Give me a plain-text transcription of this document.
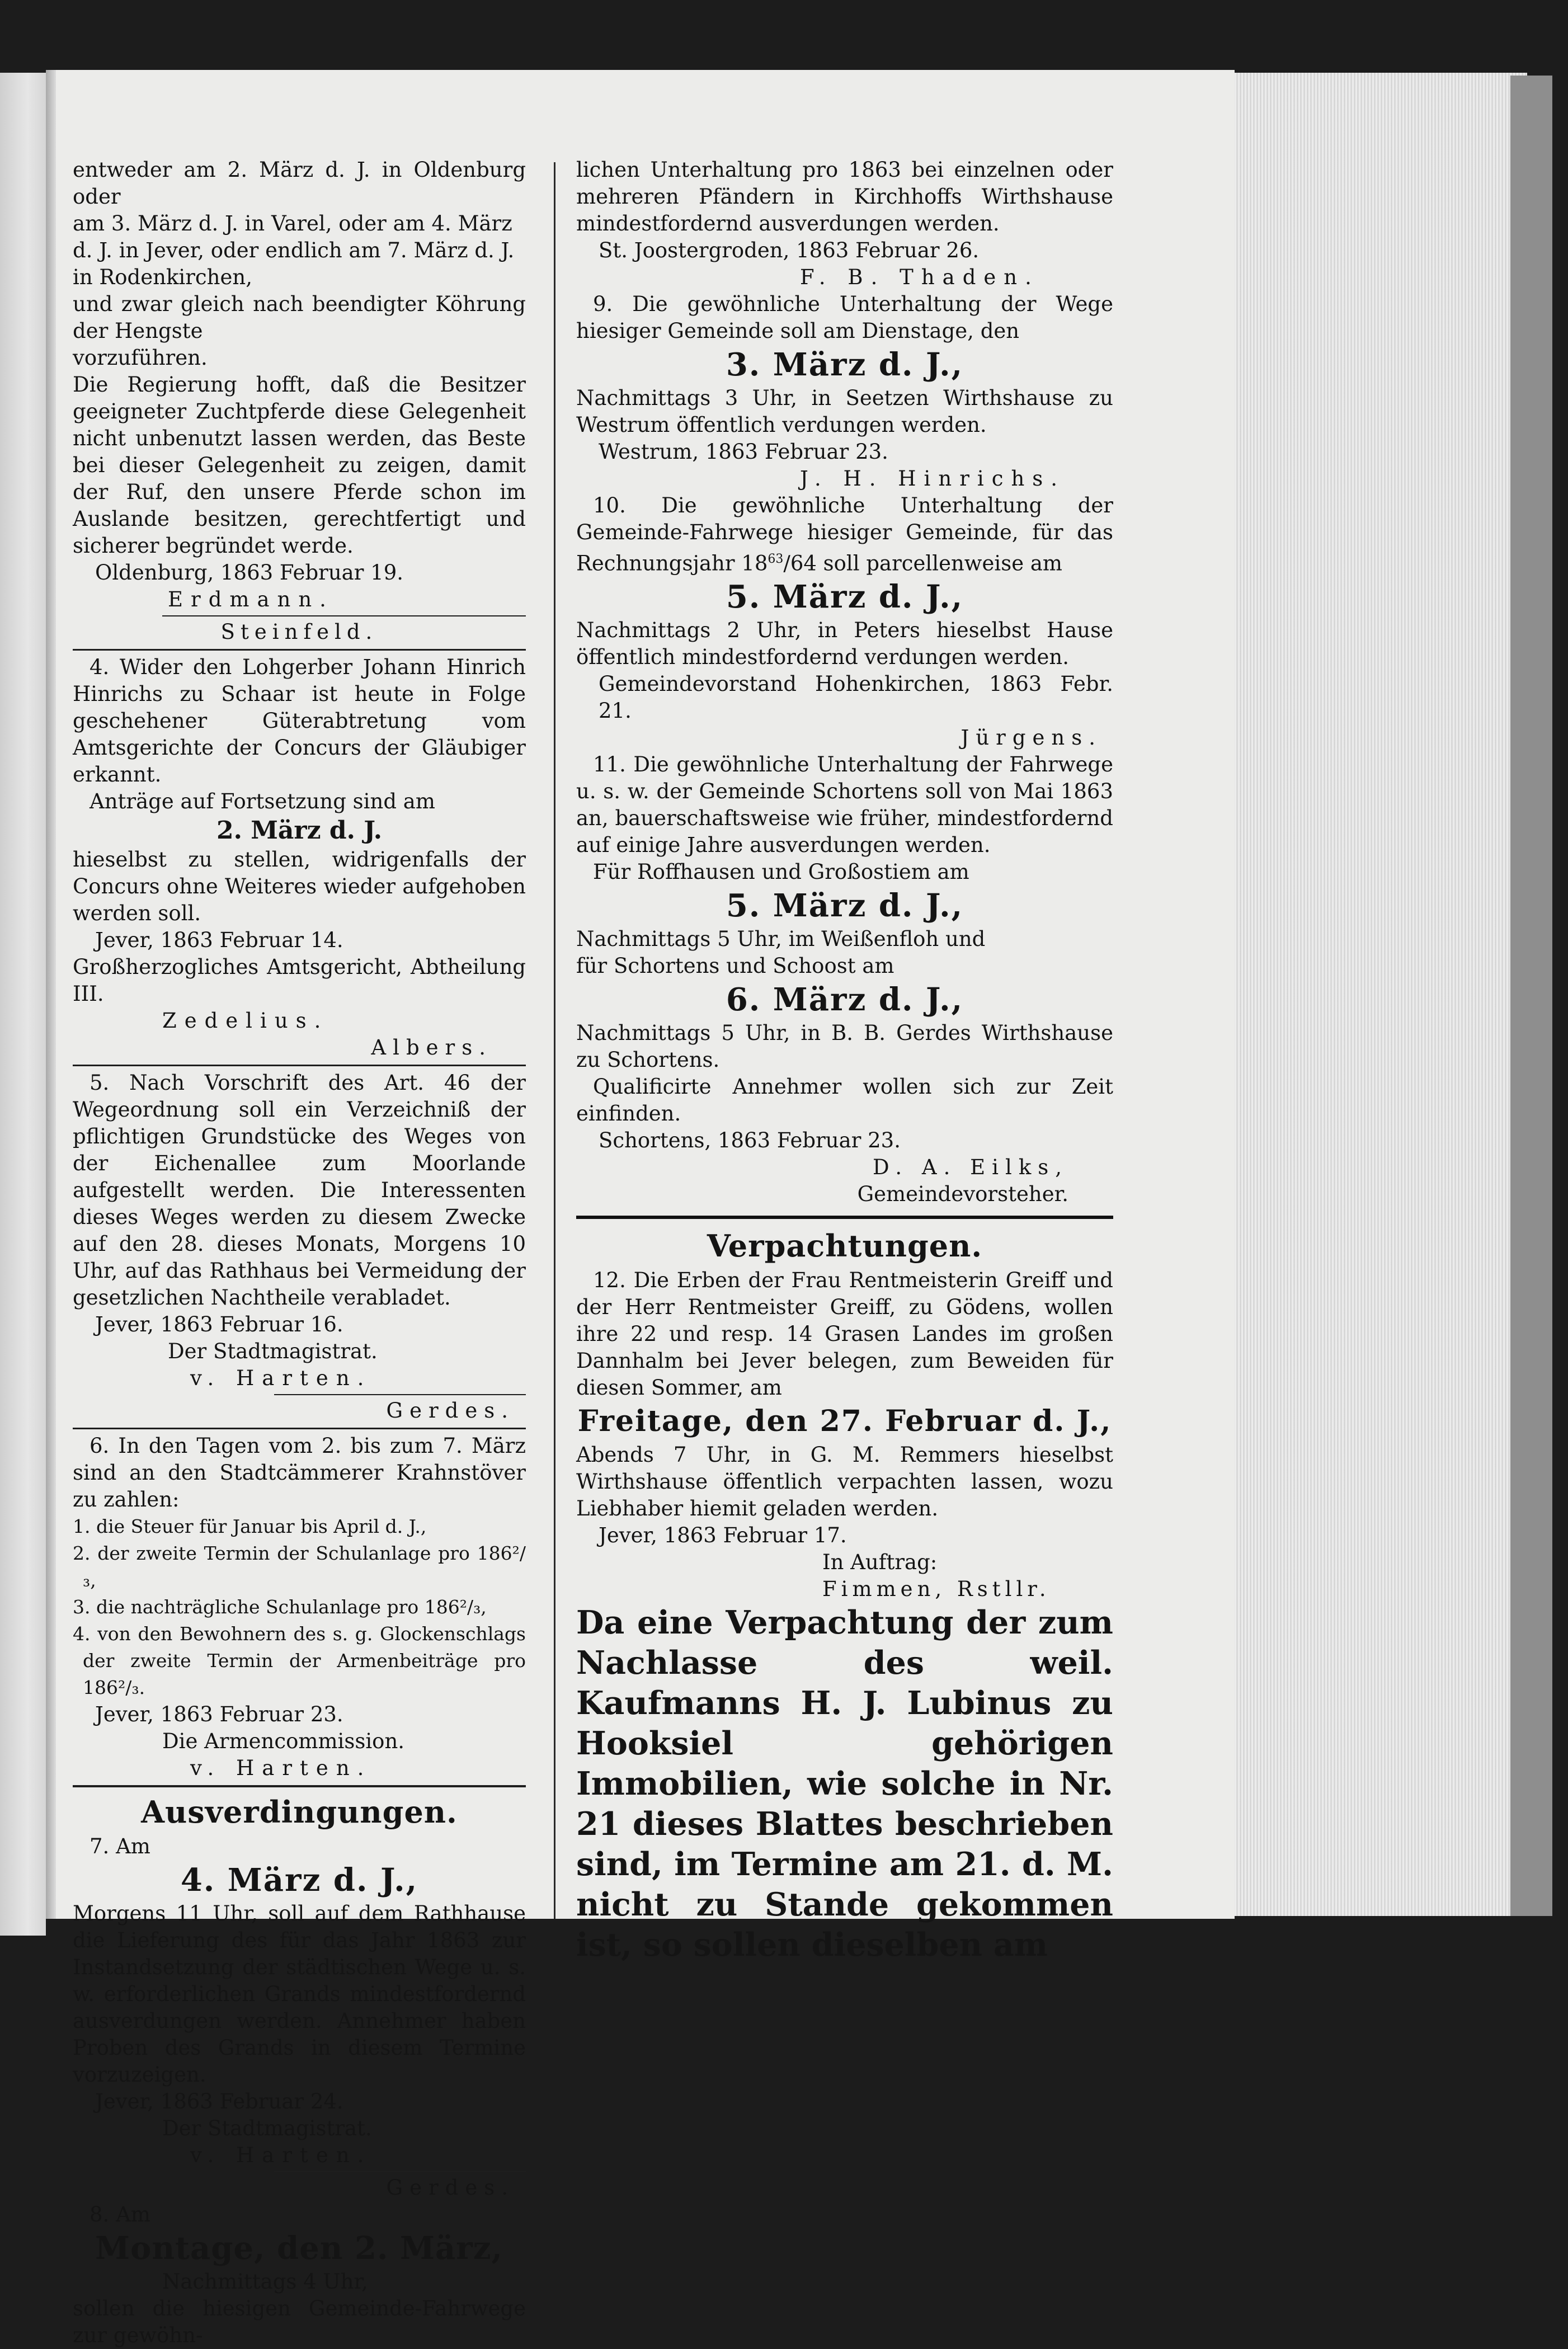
entweder am 2. März d. J. in Oldenburg oder

am 3. März d. J. in Varel, oder am 4. März

d. J. in Jever, oder endlich am 7. März d. J.

in Rodenkirchen,

und zwar gleich nach beendigter Köhrung der Hengste

vorzuführen.

Die Regierung hofft, daß die Besitzer geeigneter Zuchtpferde diese Gelegenheit nicht unbenutzt lassen werden, das Beste bei dieser Gelegenheit zu zeigen, damit der Ruf, den unsere Pferde schon im Auslande besitzen, gerechtfertigt und sicherer begründet werde.

Oldenburg, 1863 Februar 19.

Erdmann.

Steinfeld.

4. Wider den Lohgerber Johann Hinrich Hinrichs zu Schaar ist heute in Folge geschehener Güterabtretung vom Amtsgerichte der Concurs der Gläubiger erkannt.

Anträge auf Fortsetzung sind am

2. März d. J.

hieselbst zu stellen, widrigenfalls der Concurs ohne Weiteres wieder aufgehoben werden soll.

Jever, 1863 Februar 14.

Großherzogliches Amtsgericht, Abtheilung III.

Zedelius.

Albers.

5. Nach Vorschrift des Art. 46 der Wegeordnung soll ein Verzeichniß der pflichtigen Grundstücke des Weges von der Eichenallee zum Moorlande aufgestellt werden. Die Interessenten dieses Weges werden zu diesem Zwecke auf den 28. dieses Monats, Morgens 10 Uhr, auf das Rathhaus bei Vermeidung der gesetzlichen Nachtheile verabladet.

Jever, 1863 Februar 16.

Der Stadtmagistrat.

v. Harten.

Gerdes.

6. In den Tagen vom 2. bis zum 7. März sind an den Stadtcämmerer Krahnstöver zu zahlen:

1. die Steuer für Januar bis April d. J.,

2. der zweite Termin der Schulanlage pro 186²/₃,

3. die nachträgliche Schulanlage pro 186²/₃,

4. von den Bewohnern des s. g. Glockenschlags der zweite Termin der Armenbeiträge pro 186²/₃.

Jever, 1863 Februar 23.

Die Armencommission.

v. Harten.

Ausverdingungen.

7. Am

4. März d. J.,

Morgens 11 Uhr, soll auf dem Rathhause die Lieferung des für das Jahr 1863 zur Instandsetzung der städtischen Wege u. s. w. erforderlichen Grands mindestfordernd ausverdungen werden. Annehmer haben Proben des Grands in diesem Termine vorzuzeigen.

Jever, 1863 Februar 24.

Der Stadtmagistrat.

v. Harten.

Gerdes.

8. Am

Montage, den 2. März,

Nachmittags 4 Uhr,

sollen die hiesigen Gemeinde-Fahrwege zur gewöhn-

lichen Unterhaltung pro 1863 bei einzelnen oder mehreren Pfändern in Kirchhoffs Wirthshause mindestfordernd ausverdungen werden.

St. Joostergroden, 1863 Februar 26.

F. B. Thaden.

9. Die gewöhnliche Unterhaltung der Wege hiesiger Gemeinde soll am Dienstage, den

3. März d. J.,

Nachmittags 3 Uhr, in Seetzen Wirthshause zu Westrum öffentlich verdungen werden.

Westrum, 1863 Februar 23.

J. H. Hinrichs.

10. Die gewöhnliche Unterhaltung der Gemeinde-Fahrwege hiesiger Gemeinde, für das Rechnungsjahr $18^{63}/64$ soll parcellenweise am

5. März d. J.,

Nachmittags 2 Uhr, in Peters hieselbst Hause öffentlich mindestfordernd verdungen werden.

Gemeindevorstand Hohenkirchen, 1863 Febr. 21.

Jürgens.

11. Die gewöhnliche Unterhaltung der Fahrwege u. s. w. der Gemeinde Schortens soll von Mai 1863 an, bauerschaftsweise wie früher, mindestfordernd auf einige Jahre ausverdungen werden.

Für Roffhausen und Großostiem am

5. März d. J.,

Nachmittags 5 Uhr, im Weißenfloh und

für Schortens und Schoost am

6. März d. J.,

Nachmittags 5 Uhr, in B. B. Gerdes Wirthshause zu Schortens.

Qualificirte Annehmer wollen sich zur Zeit einfinden.

Schortens, 1863 Februar 23.

D. A. Eilks,

Gemeindevorsteher.

Verpachtungen.

12. Die Erben der Frau Rentmeisterin Greiff und der Herr Rentmeister Greiff, zu Gödens, wollen ihre 22 und resp. 14 Grasen Landes im großen Dannhalm bei Jever belegen, zum Beweiden für diesen Sommer, am

Freitage, den 27. Februar d. J.,

Abends 7 Uhr, in G. M. Remmers hieselbst Wirthshause öffentlich verpachten lassen, wozu Liebhaber hiemit geladen werden.

Jever, 1863 Februar 17.

In Auftrag:

Fimmen, Rstllr.

Da eine Verpachtung der zum Nachlasse des weil. Kaufmanns H. J. Lubinus zu Hooksiel gehörigen Immobilien, wie solche in Nr. 21 dieses Blattes beschrieben sind, im Termine am 21. d. M. nicht zu Stande gekommen ist, so sollen dieselben am
